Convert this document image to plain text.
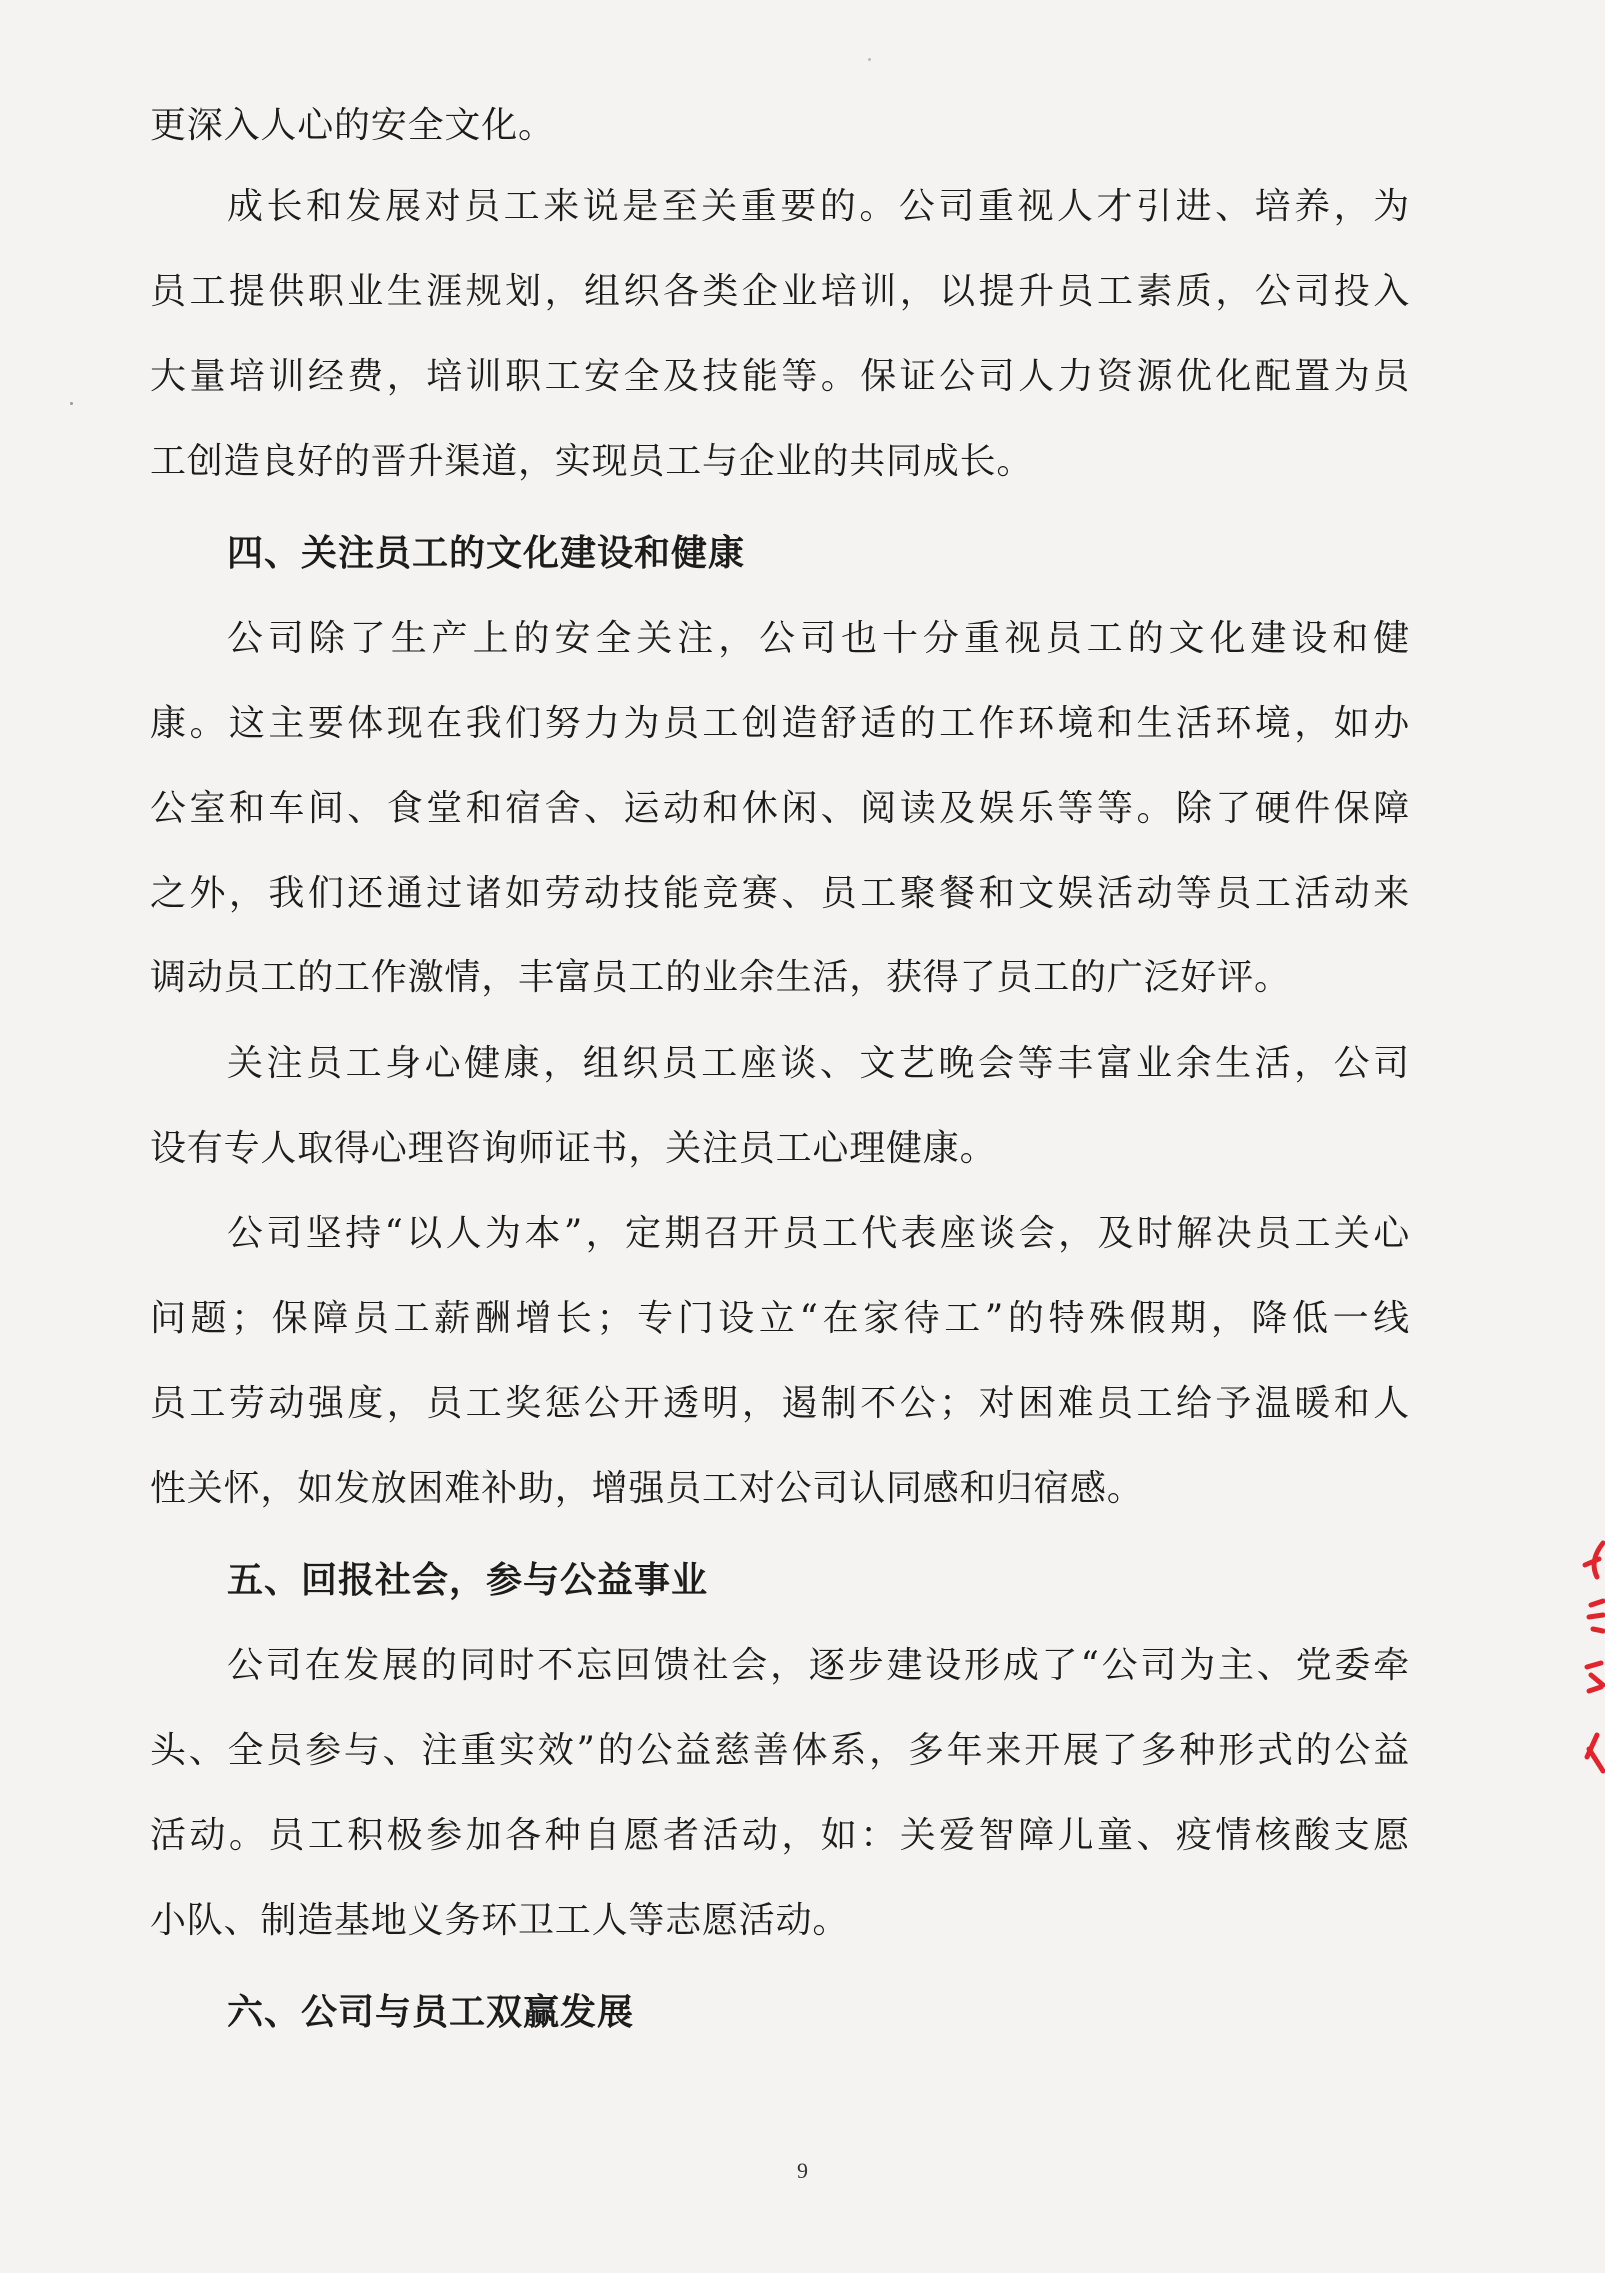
更深入人心的安全文化。
成长和发展对员工来说是至关重要的。公司重视人才引进、培养，为
员工提供职业生涯规划，组织各类企业培训，以提升员工素质，公司投入
大量培训经费，培训职工安全及技能等。保证公司人力资源优化配置为员
工创造良好的晋升渠道，实现员工与企业的共同成长。
四、关注员工的文化建设和健康
公司除了生产上的安全关注，公司也十分重视员工的文化建设和健
康。这主要体现在我们努力为员工创造舒适的工作环境和生活环境，如办
公室和车间、食堂和宿舍、运动和休闲、阅读及娱乐等等。除了硬件保障
之外，我们还通过诸如劳动技能竞赛、员工聚餐和文娱活动等员工活动来
调动员工的工作激情，丰富员工的业余生活，获得了员工的广泛好评。
关注员工身心健康，组织员工座谈、文艺晚会等丰富业余生活，公司
设有专人取得心理咨询师证书，关注员工心理健康。
公司坚持“以人为本”，定期召开员工代表座谈会，及时解决员工关心
问题；保障员工薪酬增长；专门设立“在家待工”的特殊假期，降低一线
员工劳动强度，员工奖惩公开透明，遏制不公；对困难员工给予温暖和人
性关怀，如发放困难补助，增强员工对公司认同感和归宿感。
五、回报社会，参与公益事业
公司在发展的同时不忘回馈社会，逐步建设形成了“公司为主、党委牵
头、全员参与、注重实效”的公益慈善体系，多年来开展了多种形式的公益
活动。员工积极参加各种自愿者活动，如：关爱智障儿童、疫情核酸支愿
小队、制造基地义务环卫工人等志愿活动。
六、公司与员工双赢发展
9
